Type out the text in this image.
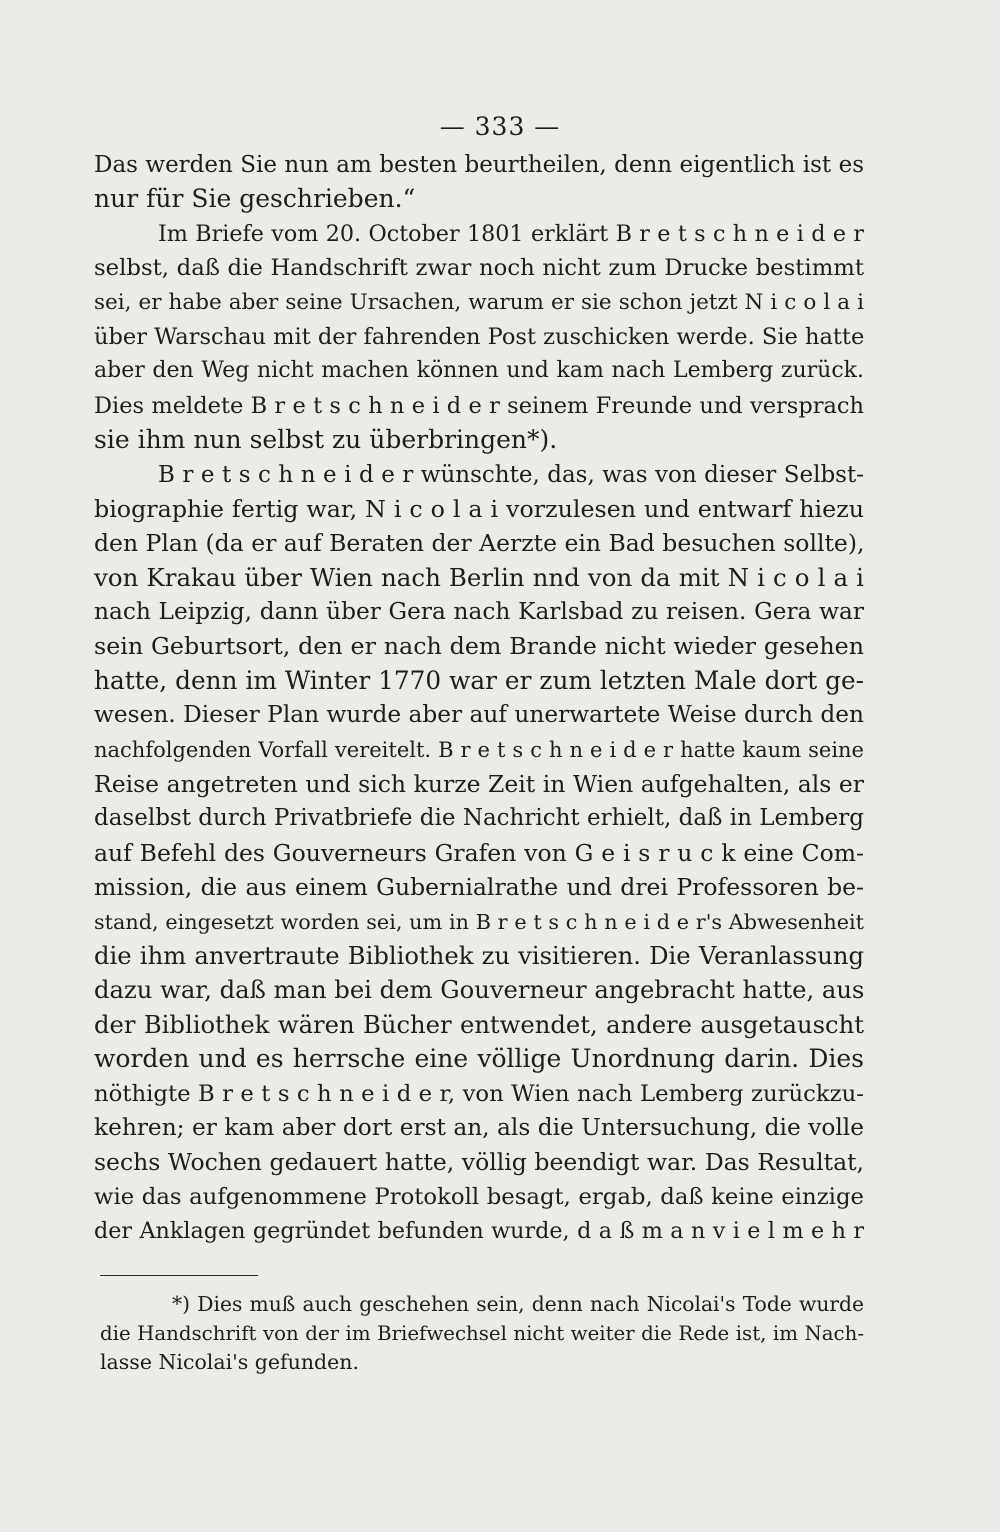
— 333 —
Das werden Sie nun am besten beurtheilen, denn eigentlich ist es
nur für Sie geschrieben.“
Im Briefe vom 20. October 1801 erklärt B r e t s c h n e i d e r
selbst, daß die Handschrift zwar noch nicht zum Drucke bestimmt
sei, er habe aber seine Ursachen, warum er sie schon jetzt N i c o l a i
über Warschau mit der fahrenden Post zuschicken werde. Sie hatte
aber den Weg nicht machen können und kam nach Lemberg zurück.
Dies meldete B r e t s c h n e i d e r seinem Freunde und versprach
sie ihm nun selbst zu überbringen*).
B r e t s c h n e i d e r wünschte, das, was von dieser Selbst-
biographie fertig war, N i c o l a i vorzulesen und entwarf hiezu
den Plan (da er auf Beraten der Aerzte ein Bad besuchen sollte),
von Krakau über Wien nach Berlin nnd von da mit N i c o l a i
nach Leipzig, dann über Gera nach Karlsbad zu reisen. Gera war
sein Geburtsort, den er nach dem Brande nicht wieder gesehen
hatte, denn im Winter 1770 war er zum letzten Male dort ge-
wesen. Dieser Plan wurde aber auf unerwartete Weise durch den
nachfolgenden Vorfall vereitelt. B r e t s c h n e i d e r hatte kaum seine
Reise angetreten und sich kurze Zeit in Wien aufgehalten, als er
daselbst durch Privatbriefe die Nachricht erhielt, daß in Lemberg
auf Befehl des Gouverneurs Grafen von G e i s r u c k eine Com-
mission, die aus einem Gubernialrathe und drei Professoren be-
stand, eingesetzt worden sei, um in B r e t s c h n e i d e r's Abwesenheit
die ihm anvertraute Bibliothek zu visitieren. Die Veranlassung
dazu war, daß man bei dem Gouverneur angebracht hatte, aus
der Bibliothek wären Bücher entwendet, andere ausgetauscht
worden und es herrsche eine völlige Unordnung darin. Dies
nöthigte B r e t s c h n e i d e r, von Wien nach Lemberg zurückzu-
kehren; er kam aber dort erst an, als die Untersuchung, die volle
sechs Wochen gedauert hatte, völlig beendigt war. Das Resultat,
wie das aufgenommene Protokoll besagt, ergab, daß keine einzige
der Anklagen gegründet befunden wurde, d a ß m a n v i e l m e h r
*) Dies muß auch geschehen sein, denn nach Nicolai's Tode wurde
die Handschrift von der im Briefwechsel nicht weiter die Rede ist, im Nach-
lasse Nicolai's gefunden.
